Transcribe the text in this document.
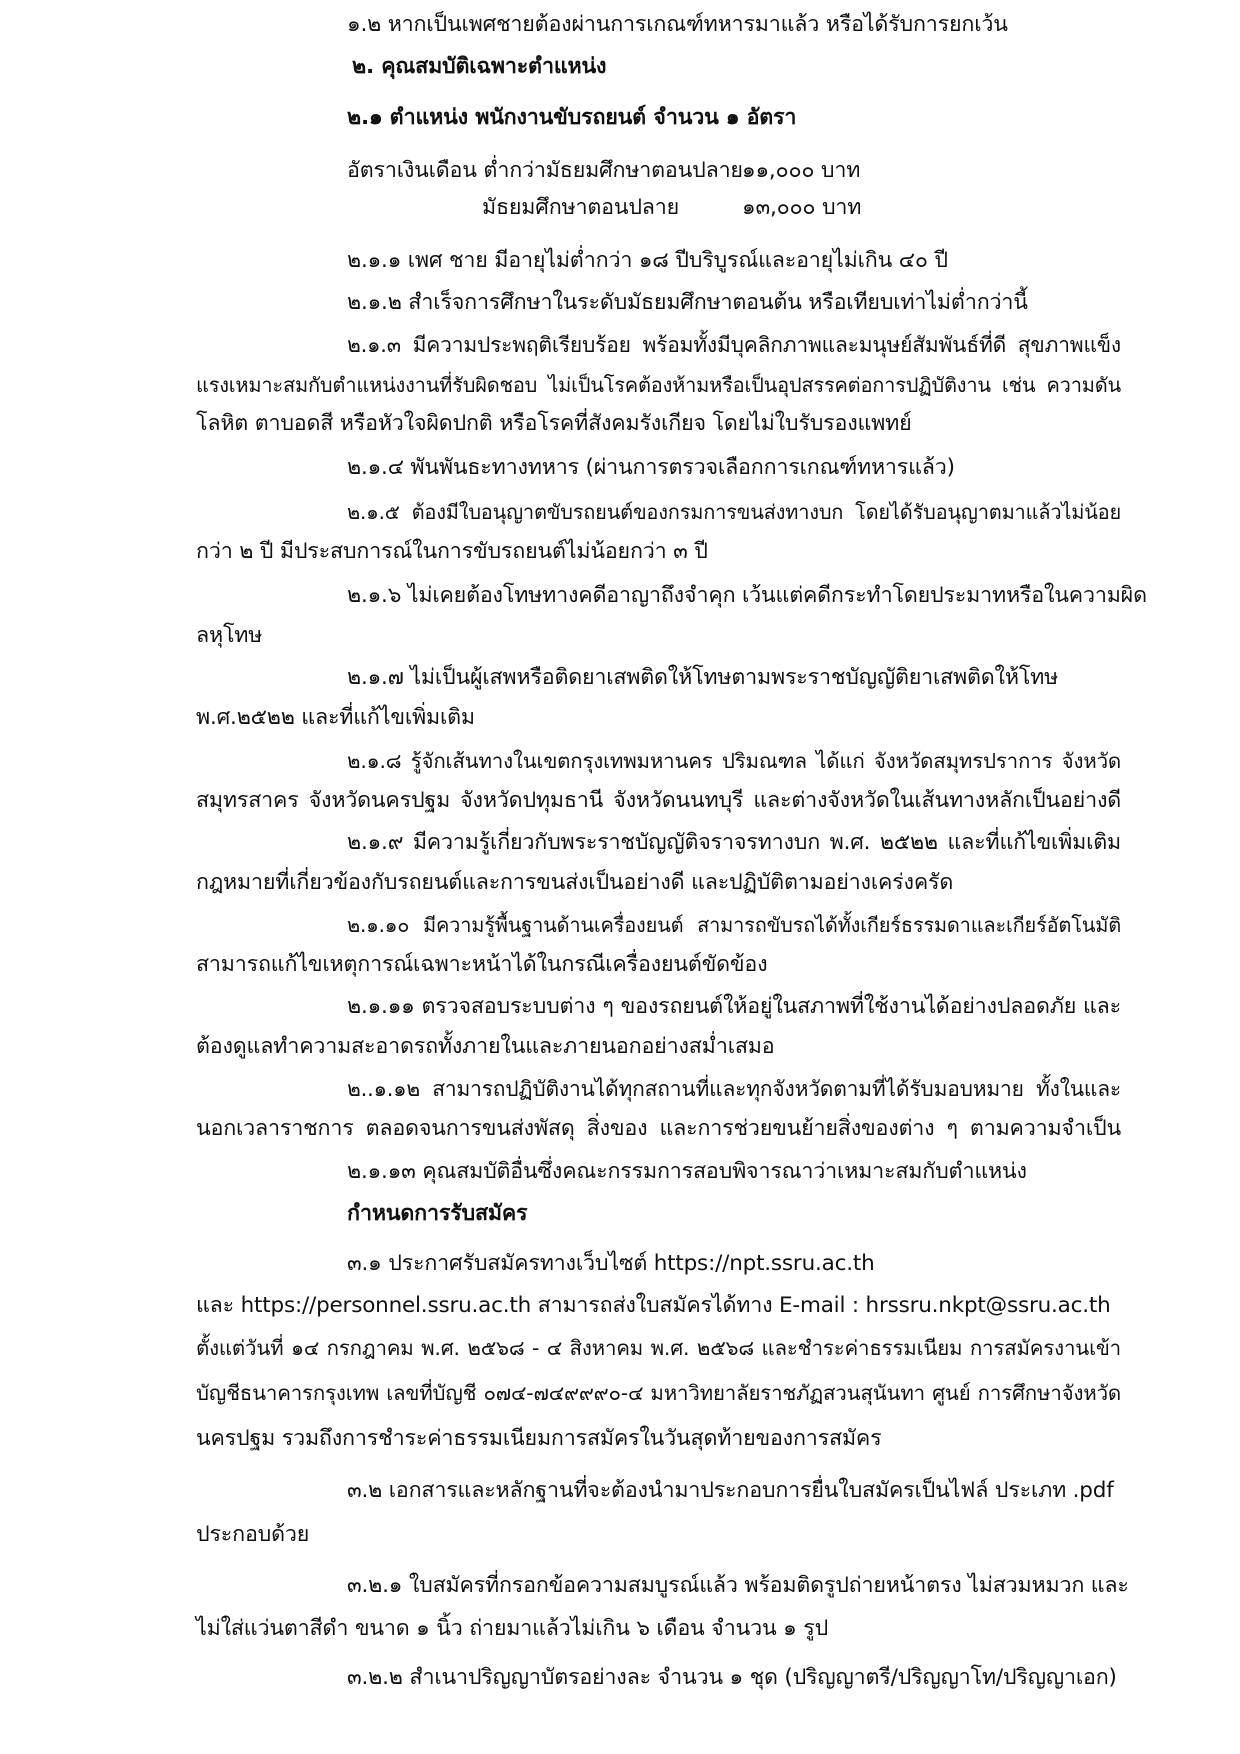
๑.๒ หากเป็นเพศชายต้องผ่านการเกณฑ์ทหารมาแล้ว หรือได้รับการยกเว้น
๒. คุณสมบัติเฉพาะตำแหน่ง
๒.๑ ตำแหน่ง พนักงานขับรถยนต์ จำนวน ๑ อัตรา
อัตราเงินเดือน ต่ำกว่ามัธยมศึกษาตอนปลาย ๑๑,๐๐๐ บาท
มัธยมศึกษาตอนปลาย	๑๓,๐๐๐ บาท
๒.๑.๑ เพศ ชาย มีอายุไม่ต่ำกว่า ๑๘ ปีบริบูรณ์และอายุไม่เกิน ๔๐ ปี
๒.๑.๒ สำเร็จการศึกษาในระดับมัธยมศึกษาตอนต้น หรือเทียบเท่าไม่ต่ำกว่านี้
๒.๑.๓ มีความประพฤติเรียบร้อย พร้อมทั้งมีบุคลิกภาพและมนุษย์สัมพันธ์ที่ดี สุขภาพแข็ง
แรงเหมาะสมกับตำแหน่งงานที่รับผิดชอบ ไม่เป็นโรคต้องห้ามหรือเป็นอุปสรรคต่อการปฏิบัติงาน เช่น ความดัน
โลหิต ตาบอดสี หรือหัวใจผิดปกติ หรือโรคที่สังคมรังเกียจ โดยไม่ใบรับรองแพทย์
๒.๑.๔ พันพันธะทางทหาร (ผ่านการตรวจเลือกการเกณฑ์ทหารแล้ว)
๒.๑.๕ ต้องมีใบอนุญาตขับรถยนต์ของกรมการขนส่งทางบก โดยได้รับอนุญาตมาแล้วไม่น้อย
กว่า ๒ ปี มีประสบการณ์ในการขับรถยนต์ไม่น้อยกว่า ๓ ปี
๒.๑.๖ ไม่เคยต้องโทษทางคดีอาญาถึงจำคุก เว้นแต่คดีกระทำโดยประมาทหรือในความผิด
ลหุโทษ
๒.๑.๗ ไม่เป็นผู้เสพหรือติดยาเสพติดให้โทษตามพระราชบัญญัติยาเสพติดให้โทษ
พ.ศ.๒๕๒๒ และที่แก้ไขเพิ่มเติม
๒.๑.๘ รู้จักเส้นทางในเขตกรุงเทพมหานคร ปริมณฑล ได้แก่ จังหวัดสมุทรปราการ จังหวัด
สมุทรสาคร จังหวัดนครปฐม จังหวัดปทุมธานี จังหวัดนนทบุรี และต่างจังหวัดในเส้นทางหลักเป็นอย่างดี
๒.๑.๙ มีความรู้เกี่ยวกับพระราชบัญญัติจราจรทางบก พ.ศ. ๒๕๒๒ และที่แก้ไขเพิ่มเติม
กฎหมายที่เกี่ยวข้องกับรถยนต์และการขนส่งเป็นอย่างดี และปฏิบัติตามอย่างเคร่งครัด
๒.๑.๑๐ มีความรู้พื้นฐานด้านเครื่องยนต์ สามารถขับรถได้ทั้งเกียร์ธรรมดาและเกียร์อัตโนมัติ
สามารถแก้ไขเหตุการณ์เฉพาะหน้าได้ในกรณีเครื่องยนต์ขัดข้อง
๒.๑.๑๑ ตรวจสอบระบบต่าง ๆ ของรถยนต์ให้อยู่ในสภาพที่ใช้งานได้อย่างปลอดภัย และ
ต้องดูแลทำความสะอาดรถทั้งภายในและภายนอกอย่างสม่ำเสมอ
๒..๑.๑๒ สามารถปฏิบัติงานได้ทุกสถานที่และทุกจังหวัดตามที่ได้รับมอบหมาย ทั้งในและ
นอกเวลาราชการ ตลอดจนการขนส่งพัสดุ สิ่งของ และการช่วยขนย้ายสิ่งของต่าง ๆ ตามความจำเป็น
๒.๑.๑๓ คุณสมบัติอื่นซึ่งคณะกรรมการสอบพิจารณาว่าเหมาะสมกับตำแหน่ง
กำหนดการรับสมัคร
๓.๑ ประกาศรับสมัครทางเว็บไซต์ https://npt.ssru.ac.th
และ https://personnel.ssru.ac.th สามารถส่งใบสมัครได้ทาง E-mail : hrssru.nkpt@ssru.ac.th
ตั้งแต่วันที่ ๑๔ กรกฎาคม พ.ศ. ๒๕๖๘ - ๔ สิงหาคม พ.ศ. ๒๕๖๘ และชำระค่าธรรมเนียม การสมัครงานเข้า
บัญชีธนาคารกรุงเทพ เลขที่บัญชี ๐๗๔-๗๔๙๙๙๐-๔ มหาวิทยาลัยราชภัฏสวนสุนันทา ศูนย์ การศึกษาจังหวัด
นครปฐม รวมถึงการชำระค่าธรรมเนียมการสมัครในวันสุดท้ายของการสมัคร
๓.๒ เอกสารและหลักฐานที่จะต้องนำมาประกอบการยื่นใบสมัครเป็นไฟล์ ประเภท .pdf
ประกอบด้วย
๓.๒.๑ ใบสมัครที่กรอกข้อความสมบูรณ์แล้ว พร้อมติดรูปถ่ายหน้าตรง ไม่สวมหมวก และ
ไม่ใส่แว่นตาสีดำ ขนาด ๑ นิ้ว ถ่ายมาแล้วไม่เกิน ๖ เดือน จำนวน ๑ รูป
๓.๒.๒ สำเนาปริญญาบัตรอย่างละ จำนวน ๑ ชุด (ปริญญาตรี/ปริญญาโท/ปริญญาเอก)
